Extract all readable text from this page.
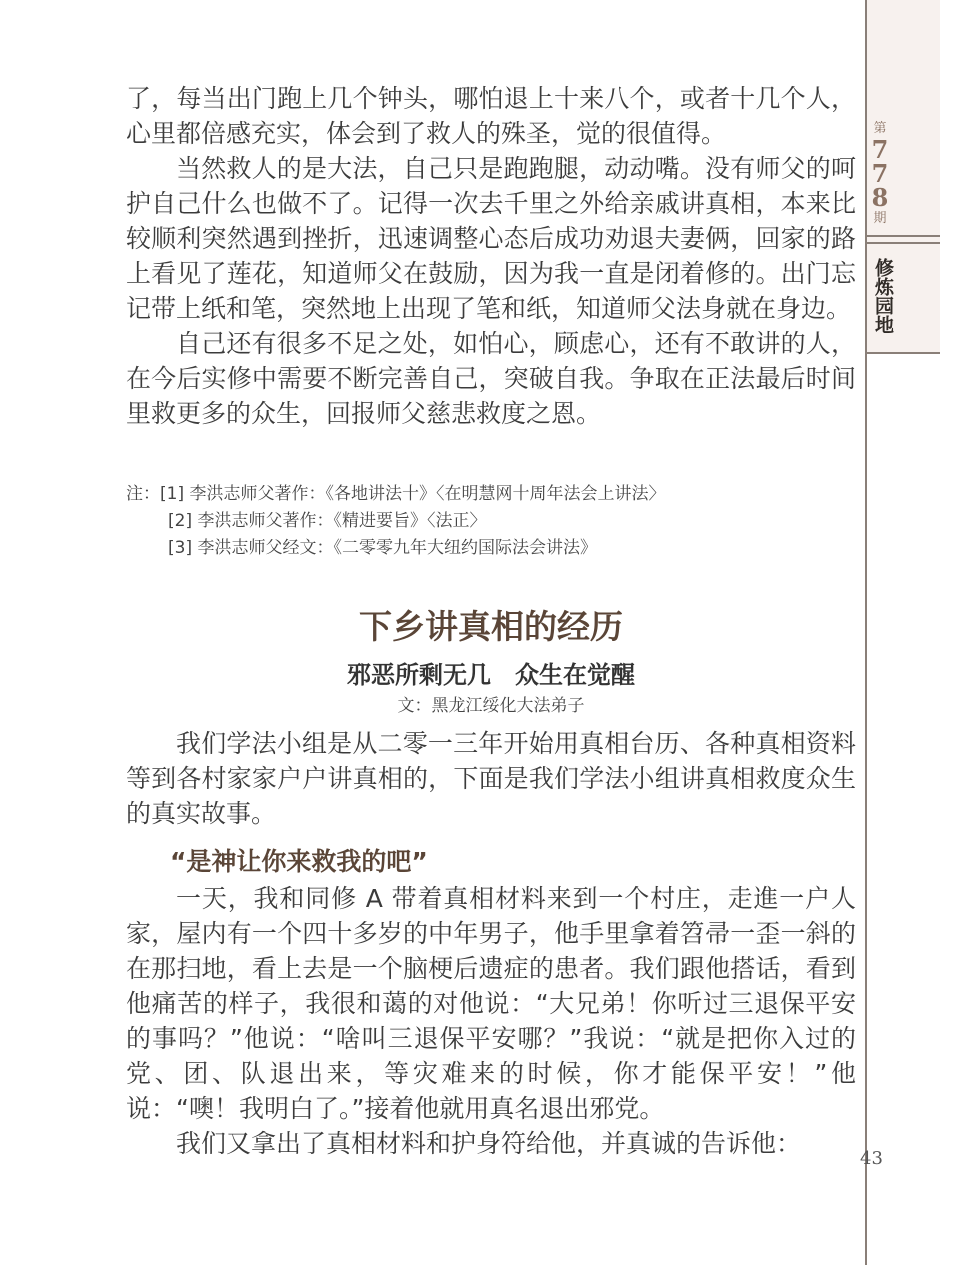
第
7
7
8
期
修炼园地

了，每当出门跑上几个钟头，哪怕退上十来八个，或者十几个人，心里都倍感充实，体会到了救人的殊圣，觉的很值得。

当然救人的是大法，自己只是跑跑腿，动动嘴。没有师父的呵护自己什么也做不了。记得一次去千里之外给亲戚讲真相，本来比较顺利突然遇到挫折，迅速调整心态后成功劝退夫妻俩，回家的路上看见了莲花，知道师父在鼓励，因为我一直是闭着修的。出门忘记带上纸和笔，突然地上出现了笔和纸，知道师父法身就在身边。

自己还有很多不足之处，如怕心，顾虑心，还有不敢讲的人，在今后实修中需要不断完善自己，突破自我。争取在正法最后时间里救更多的众生，回报师父慈悲救度之恩。

注：[1] 李洪志师父著作：《各地讲法十》〈在明慧网十周年法会上讲法〉
[2] 李洪志师父著作：《精进要旨》〈法正〉
[3] 李洪志师父经文：《二零零九年大纽约国际法会讲法》
下乡讲真相的经历
邪恶所剩无几　众生在觉醒
文：黑龙江绥化大法弟子

我们学法小组是从二零一三年开始用真相台历、各种真相资料等到各村家家户户讲真相的，下面是我们学法小组讲真相救度众生的真实故事。

“是神让你来救我的吧”

一天，我和同修 A 带着真相材料来到一个村庄，走進一户人家，屋内有一个四十多岁的中年男子，他手里拿着笤帚一歪一斜的在那扫地，看上去是一个脑梗后遗症的患者。我们跟他搭话，看到他痛苦的样子，我很和蔼的对他说：“大兄弟！你听过三退保平安的事吗？”他说：“啥叫三退保平安哪？”我说：“就是把你入过的党、团、队退出来，等灾难来的时候，你才能保平安！”他说：“噢！我明白了。”接着他就用真名退出邪党。

我们又拿出了真相材料和护身符给他，并真诚的告诉他：

43
